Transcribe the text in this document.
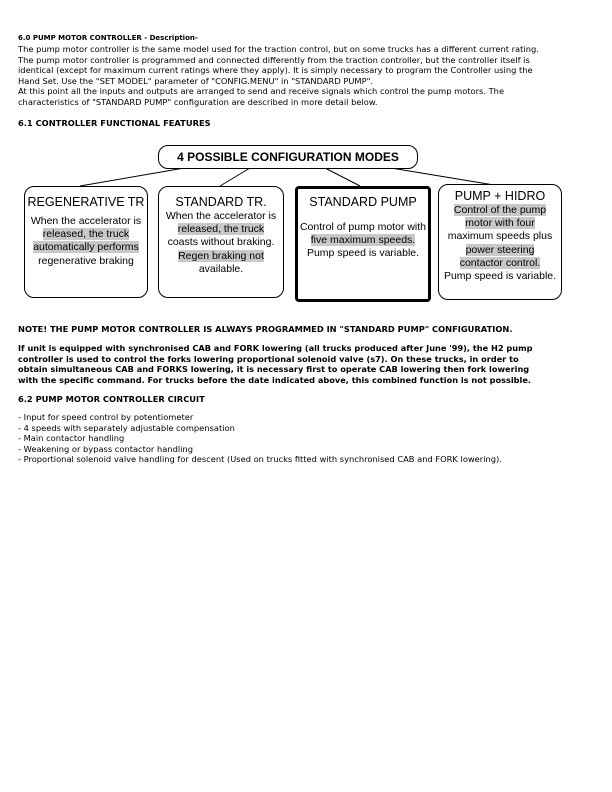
6.0 PUMP MOTOR CONTROLLER - Description-
The pump motor controller is the same model used for the traction control, but on some trucks has a different current rating.
The pump motor controller is programmed and connected differently from the traction controller, but the controller itself is
identical (except for maximum current ratings where they apply). It is simply necessary to program the Controller using the
Hand Set. Use the "SET MODEL" parameter of "CONFIG.MENU" in "STANDARD PUMP".
At this point all the inputs and outputs are arranged to send and receive signals which control the pump motors. The
characteristics of "STANDARD PUMP" configuration are described in more detail below.
6.1 CONTROLLER FUNCTIONAL FEATURES
4 POSSIBLE CONFIGURATION MODES
REGENERATIVE TR
When the accelerator is
released, the truck
automatically performs
regenerative braking
STANDARD TR.
When the accelerator is
released, the truck
coasts without braking.
Regen braking not
available.
STANDARD PUMP
Control of pump motor with
five maximum speeds.
Pump speed is variable.
PUMP + HIDRO
Control of the pump
motor with four
maximum speeds plus
power steering
contactor control.
Pump speed is variable.
NOTE! THE PUMP MOTOR CONTROLLER IS ALWAYS PROGRAMMED IN "STANDARD PUMP" CONFIGURATION.
If unit is equipped with synchronised CAB and FORK lowering (all trucks produced after June '99), the H2 pump
controller is used to control the forks lowering proportional solenoid valve (s7). On these trucks, in order to
obtain simultaneous CAB and FORKS lowering, it is necessary first to operate CAB lowering then fork lowering
with the specific command. For trucks before the date indicated above, this combined function is not possible.
6.2 PUMP MOTOR CONTROLLER CIRCUIT
- Input for speed control by potentiometer
- 4 speeds with separately adjustable compensation
- Main contactor handling
- Weakening or bypass contactor handling
- Proportional solenoid valve handling for descent (Used on trucks fitted with synchronised CAB and FORK lowering).
